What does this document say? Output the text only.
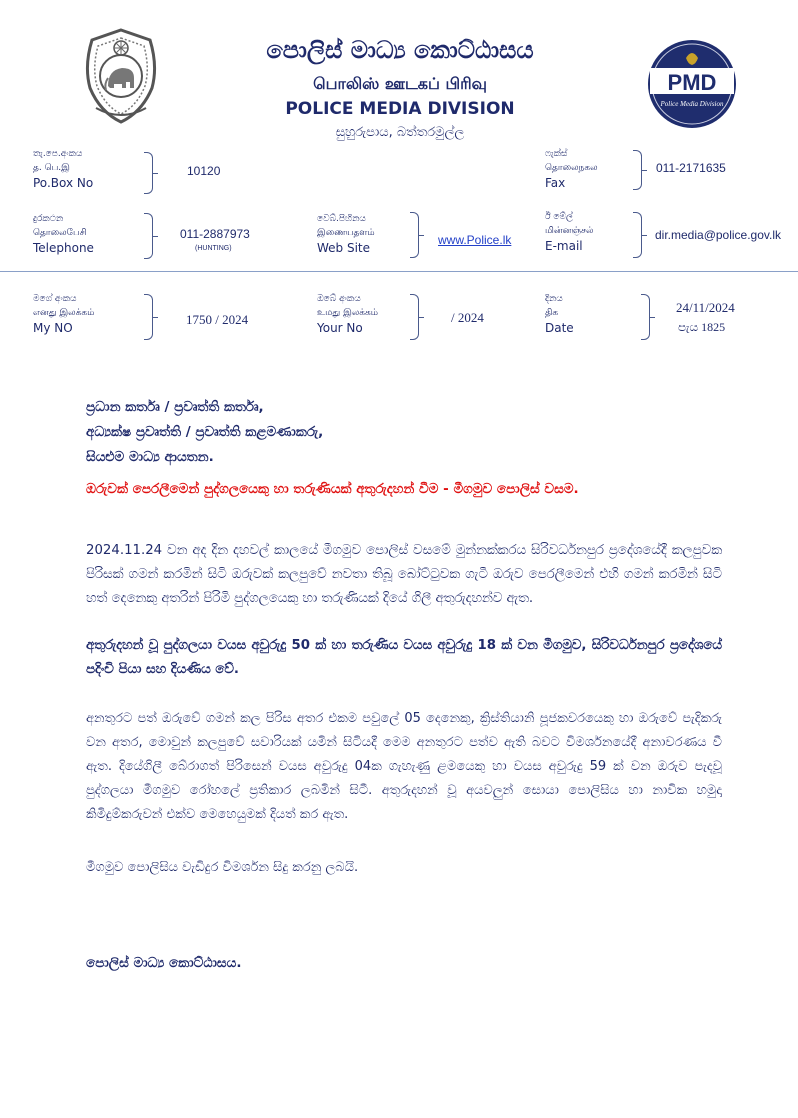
PMD
Police Media Division
පොලිස් මාධ්‍ය කොට්ඨාසය
பொலிஸ் ஊடகப் பிரிவு
POLICE MEDIA DIVISION
සුහුරුපාය, බත්තරමුල්ල
තැ.පෙ.අංකය
த. பெ.இ
Po.Box No
10120
ෆැක්ස්
தொலைநகல
Fax
011-2171635
දුරකථන
தொலைபேசி
Telephone
011-2887973
(HUNTING)
වෙබ්.පිහිනය
இணையதளம்
Web Site
www.Police.lk
ඊ මේල්
மின்னஞ்சல்
E-mail
dir.media@police.gov.lk
මගේ අංකය
எனது இலக்கம்
My NO
1750 / 2024
ඔබේ අංකය
உமது இலக்கம்
Your No
/ 2024
දිනය
திக
Date
24/11/2024
පැය 1825
ප්‍රධාන කර්තෘ / ප්‍රවෘත්ති කර්තෘ,
අධ්‍යක්ෂ ප්‍රවෘත්ති / ප්‍රවෘත්ති කළමණාකරු,
සියළුම මාධ්‍ය ආයතන.
ඔරුවක් පෙරලීමෙන් පුද්ගලයෙකු හා තරුණියක් අතුරුදහන් වීම - මීගමුව පොලිස් වසම.
2024.11.24 වන අද දින දහවල් කාලයේ මීගමුව පොලිස් වසමේ මුන්නක්කරය සිරිවර්ධනපුර ප්‍රදේශයේදී කලපුවක පිරිසක් ගමන් කරමින් සිටි ඔරුවක් කලපුවේ නවතා තිබූ බෝට්ටුවක ගැටී ඔරුව පෙරලීමෙන් එහි ගමන් කරමින් සිටි හත් දෙනෙකු අතරින් පිරිමි පුද්ගලයෙකු හා තරුණියක් දියේ ගිලී අතුරුදහන්ව ඇත.
අතුරුදහන් වූ පුද්ගලයා වයස අවුරුදු 50 ක් හා තරුණිය වයස අවුරුදු 18 ක් වන මීගමුව, සිරිවර්ධනපුර ප්‍රදේශයේ පදිංචි පියා සහ දියණිය වේ.
අනතුරට පත් ඔරුවේ ගමන් කල පිරිස අතර එකම පවුලේ 05 දෙනෙකු, ක්‍රිස්තියානි පූජකවරයෙකු හා ඔරුවේ පැදිකරු වන අතර, මොවුන් කලපුවේ සවාරියක් යමින් සිටියදී මෙම අනතුරට පත්ව ඇති බවට විමර්ශනයේදී අනාවරණය වී ඇත. දියේගිලී බේරාගත් පිරිසෙන් වයස අවුරුදු 04ක ගැහැණු ළමයෙකු හා වයස අවුරුදු 59 ක් වන ඔරුව පැදවූ පුද්ගලයා මීගමුව රෝහලේ ප්‍රතිකාර ලබමින් සිටී. අතුරුදහන් වූ අයවලුන් සොයා පොලිසිය හා නාවික හමුදා කිමිදුම්කරුවන් එක්ව මෙහෙයුමක් දියත් කර ඇත.
මීගමුව පොලිසිය වැඩිදුර විමර්ශන සිදු කරනු ලබයි.
පොලිස් මාධ්‍ය කොට්ඨාසය.
